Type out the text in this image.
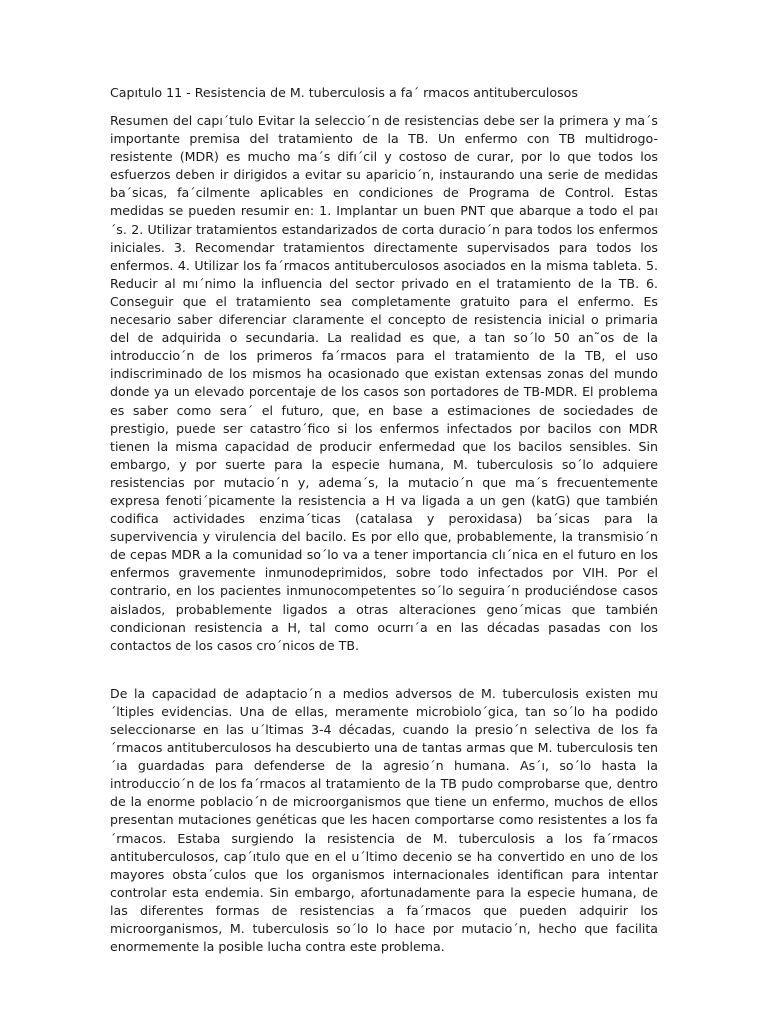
Capıtulo 11 - Resistencia de M. tuberculosis a fa´ rmacos antituberculosos

Resumen del capı´tulo Evitar la seleccio´n de resistencias debe ser la primera y ma´s importante premisa del tratamiento de la TB. Un enfermo con TB multidrogo-resistente (MDR) es mucho ma´s difı´cil y costoso de curar, por lo que todos los esfuerzos deben ir dirigidos a evitar su aparicio´n, instaurando una serie de medidas ba´sicas, fa´cilmente aplicables en condiciones de Programa de Control. Estas medidas se pueden resumir en: 1. Implantar un buen PNT que abarque a todo el paı´s. 2. Utilizar tratamientos estandarizados de corta duracio´n para todos los enfermos iniciales. 3. Recomendar tratamientos directamente supervisados para todos los enfermos. 4. Utilizar los fa´rmacos antituberculosos asociados en la misma tableta. 5. Reducir al mı´nimo la influencia del sector privado en el tratamiento de la TB. 6. Conseguir que el tratamiento sea completamente gratuito para el enfermo. Es necesario saber diferenciar claramente el concepto de resistencia inicial o primaria del de adquirida o secundaria. La realidad es que, a tan so´lo 50 an˜os de la introduccio´n de los primeros fa´rmacos para el tratamiento de la TB, el uso indiscriminado de los mismos ha ocasionado que existan extensas zonas del mundo donde ya un elevado porcentaje de los casos son portadores de TB-MDR. El problema es saber como sera´ el futuro, que, en base a estimaciones de sociedades de prestigio, puede ser catastro´fico si los enfermos infectados por bacilos con MDR tienen la misma capacidad de producir enfermedad que los bacilos sensibles. Sin embargo, y por suerte para la especie humana, M. tuberculosis so´lo adquiere resistencias por mutacio´n y, adema´s, la mutacio´n que ma´s frecuentemente expresa fenoti´picamente la resistencia a H va ligada a un gen (katG) que también codifica actividades enzima´ticas (catalasa y peroxidasa) ba´sicas para la supervivencia y virulencia del bacilo. Es por ello que, probablemente, la transmisio´n de cepas MDR a la comunidad so´lo va a tener importancia clı´nica en el futuro en los enfermos gravemente inmunodeprimidos, sobre todo infectados por VIH. Por el contrario, en los pacientes inmunocompetentes so´lo seguira´n produciéndose casos aislados, probablemente ligados a otras alteraciones geno´micas que también condicionan resistencia a H, tal como ocurrı´a en las décadas pasadas con los contactos de los casos cro´nicos de TB.

De la capacidad de adaptacio´n a medios adversos de M. tuberculosis existen mu´ltiples evidencias. Una de ellas, meramente microbiolo´gica, tan so´lo ha podido seleccionarse en las u´ltimas 3-4 décadas, cuando la presio´n selectiva de los fa´rmacos antituberculosos ha descubierto una de tantas armas que M. tuberculosis ten´ıa guardadas para defenderse de la agresio´n humana. As´ı, so´lo hasta la introduccio´n de los fa´rmacos al tratamiento de la TB pudo comprobarse que, dentro de la enorme poblacio´n de microorganismos que tiene un enfermo, muchos de ellos presentan mutaciones genéticas que les hacen comportarse como resistentes a los fa´rmacos. Estaba surgiendo la resistencia de M. tuberculosis a los fa´rmacos antituberculosos, cap´ıtulo que en el u´ltimo decenio se ha convertido en uno de los mayores obsta´culos que los organismos internacionales identifican para intentar controlar esta endemia. Sin embargo, afortunadamente para la especie humana, de las diferentes formas de resistencias a fa´rmacos que pueden adquirir los microorganismos, M. tuberculosis so´lo lo hace por mutacio´n, hecho que facilita enormemente la posible lucha contra este problema.
